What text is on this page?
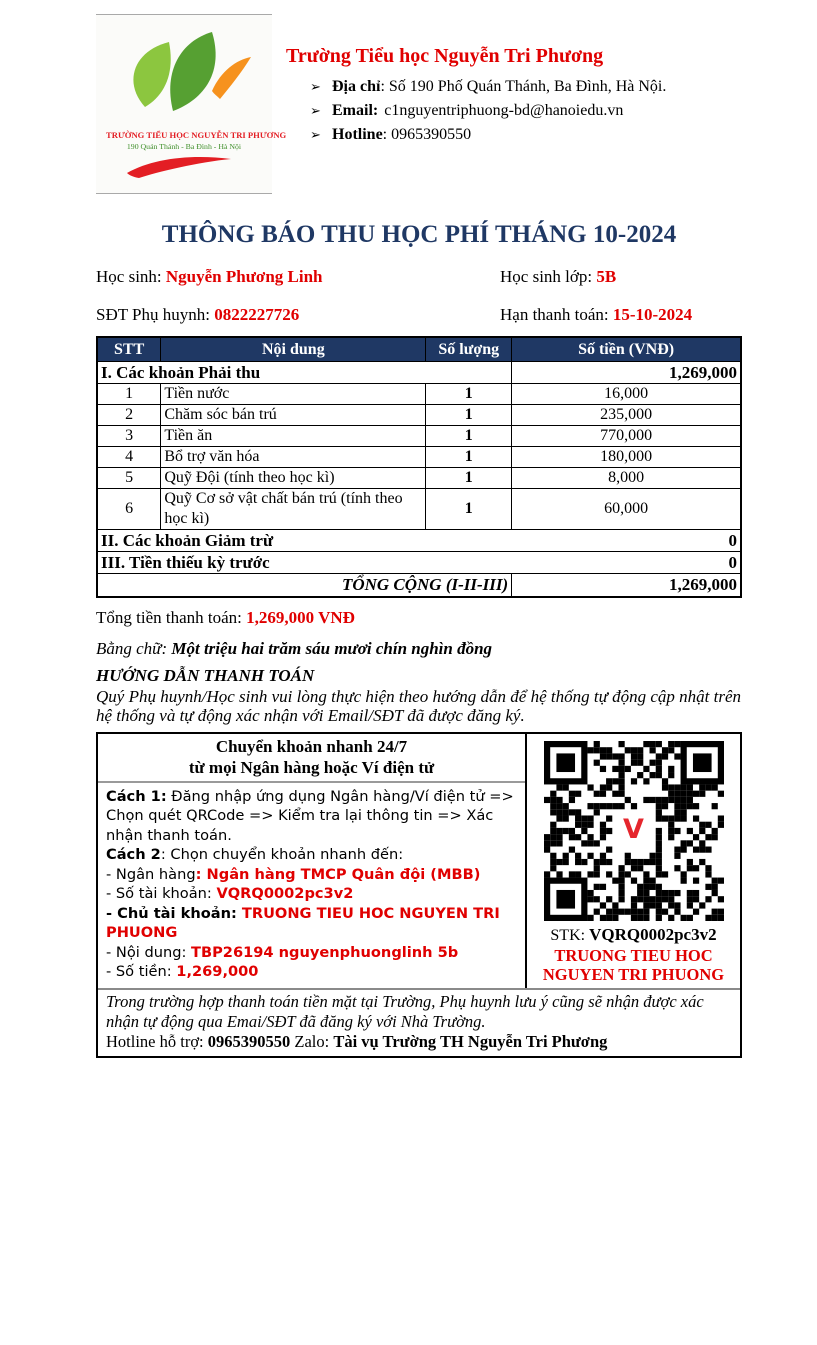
TRƯỜNG TIỂU HỌC NGUYỄN TRI PHƯƠNG
190 Quán Thánh - Ba Đình - Hà Nội
Trường Tiểu học Nguyễn Tri Phương
➢ Địa chỉ: Số 190 Phố Quán Thánh, Ba Đình, Hà Nội.
➢ Email: c1nguyentriphuong-bd@hanoiedu.vn
➢ Hotline: 0965390550
THÔNG BÁO THU HỌC PHÍ THÁNG 10-2024
Học sinh: Nguyễn Phương Linh	Học sinh lớp: 5B
SĐT Phụ huynh: 0822227726	Hạn thanh toán: 15-10-2024
STT	Nội dung	Số lượng	Số tiền (VNĐ)
I. Các khoản Phải thu			1,269,000
1	Tiền nước	1	16,000
2	Chăm sóc bán trú	1	235,000
3	Tiền ăn	1	770,000
4	Bổ trợ văn hóa	1	180,000
5	Quỹ Đội (tính theo học kì)	1	8,000
6	Quỹ Cơ sở vật chất bán trú (tính theo học kì)	1	60,000

II. Các khoản Giảm trừ 0			

III. Tiền thiếu kỳ trước 0			

TỔNG CỘNG (I-II-III)			1,269,000
Tổng tiền thanh toán: 1,269,000 VNĐ
Bằng chữ: Một triệu hai trăm sáu mươi chín nghìn đồng
HƯỚNG DẪN THANH TOÁN
Quý Phụ huynh/Học sinh vui lòng thực hiện theo hướng dẫn để hệ thống tự động cập nhật trên hệ thống và tự động xác nhận với Email/SĐT đã được đăng ký.
Chuyển khoản nhanh 24/7
từ mọi Ngân hàng hoặc Ví điện tử
Cách 1: Đăng nhập ứng dụng Ngân hàng/Ví điện tử => Chọn quét QRCode => Kiểm tra lại thông tin => Xác nhận thanh toán.
Cách 2: Chọn chuyển khoản nhanh đến:
- Ngân hàng: Ngân hàng TMCP Quân đội (MBB)
- Số tài khoản: VQRQ0002pc3v2
- Chủ tài khoản: TRUONG TIEU HOC NGUYEN TRI PHUONG
- Nội dung: TBP26194 nguyenphuonglinh 5b
- Số tiền: 1,269,000
V
STK: VQRQ0002pc3v2
TRUONG TIEU HOC
NGUYEN TRI PHUONG
Trong trường hợp thanh toán tiền mặt tại Trường, Phụ huynh lưu ý cũng sẽ nhận được xác nhận tự động qua Emai/SĐT đã đăng ký với Nhà Trường.
Hotline hỗ trợ: 0965390550 Zalo: Tài vụ Trường TH Nguyễn Tri Phương
